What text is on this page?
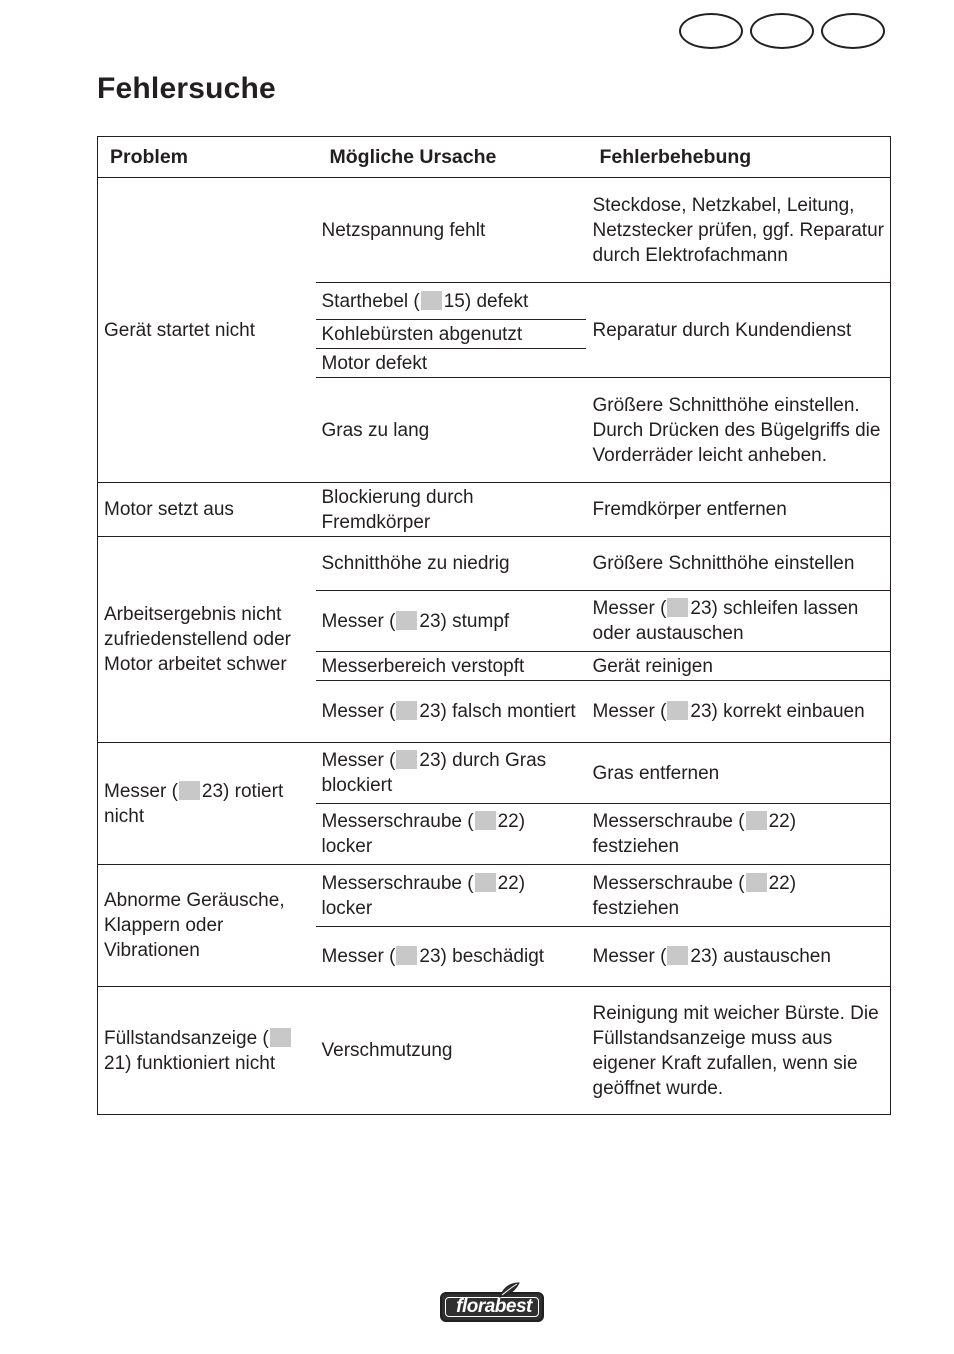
Fehlersuche
Problem	Mögliche Ursache	Fehlerbehebung
Gerät startet nicht	Netzspannung fehlt	Steckdose, Netzkabel, Leitung, Netzstecker prüfen, ggf. Reparatur durch Elektrofachmann
	Starthebel ( 15) defekt	Reparatur durch Kundendienst
	Kohlebürsten abgenutzt	
	Motor defekt	
	Gras zu lang	Größere Schnitthöhe einstellen. Durch Drücken des Bügelgriffs die Vorderräder leicht anheben.
Motor setzt aus	Blockierung durch Fremdkörper	Fremdkörper entfernen
Arbeitsergebnis nicht zufriedenstellend oder Motor arbeitet schwer	Schnitthöhe zu niedrig	Größere Schnitthöhe einstellen
	Messer ( 23) stumpf	Messer ( 23) schleifen lassen oder austauschen
	Messerbereich verstopft	Gerät reinigen
	Messer ( 23) falsch montiert	Messer ( 23) korrekt einbauen
Messer ( 23) rotiert nicht	Messer ( 23) durch Gras blockiert	Gras entfernen
	Messerschraube ( 22) locker	Messerschraube ( 22) festziehen
Abnorme Geräusche, Klappern oder Vibrationen	Messerschraube ( 22) locker	Messerschraube ( 22) festziehen
	Messer ( 23) beschädigt	Messer ( 23) austauschen
Füllstandsanzeige (21) funktioniert nicht	Verschmutzung	Reinigung mit weicher Bürste. Die Füllstandsanzeige muss aus eigener Kraft zufallen, wenn sie geöffnet wurde.
florabest
